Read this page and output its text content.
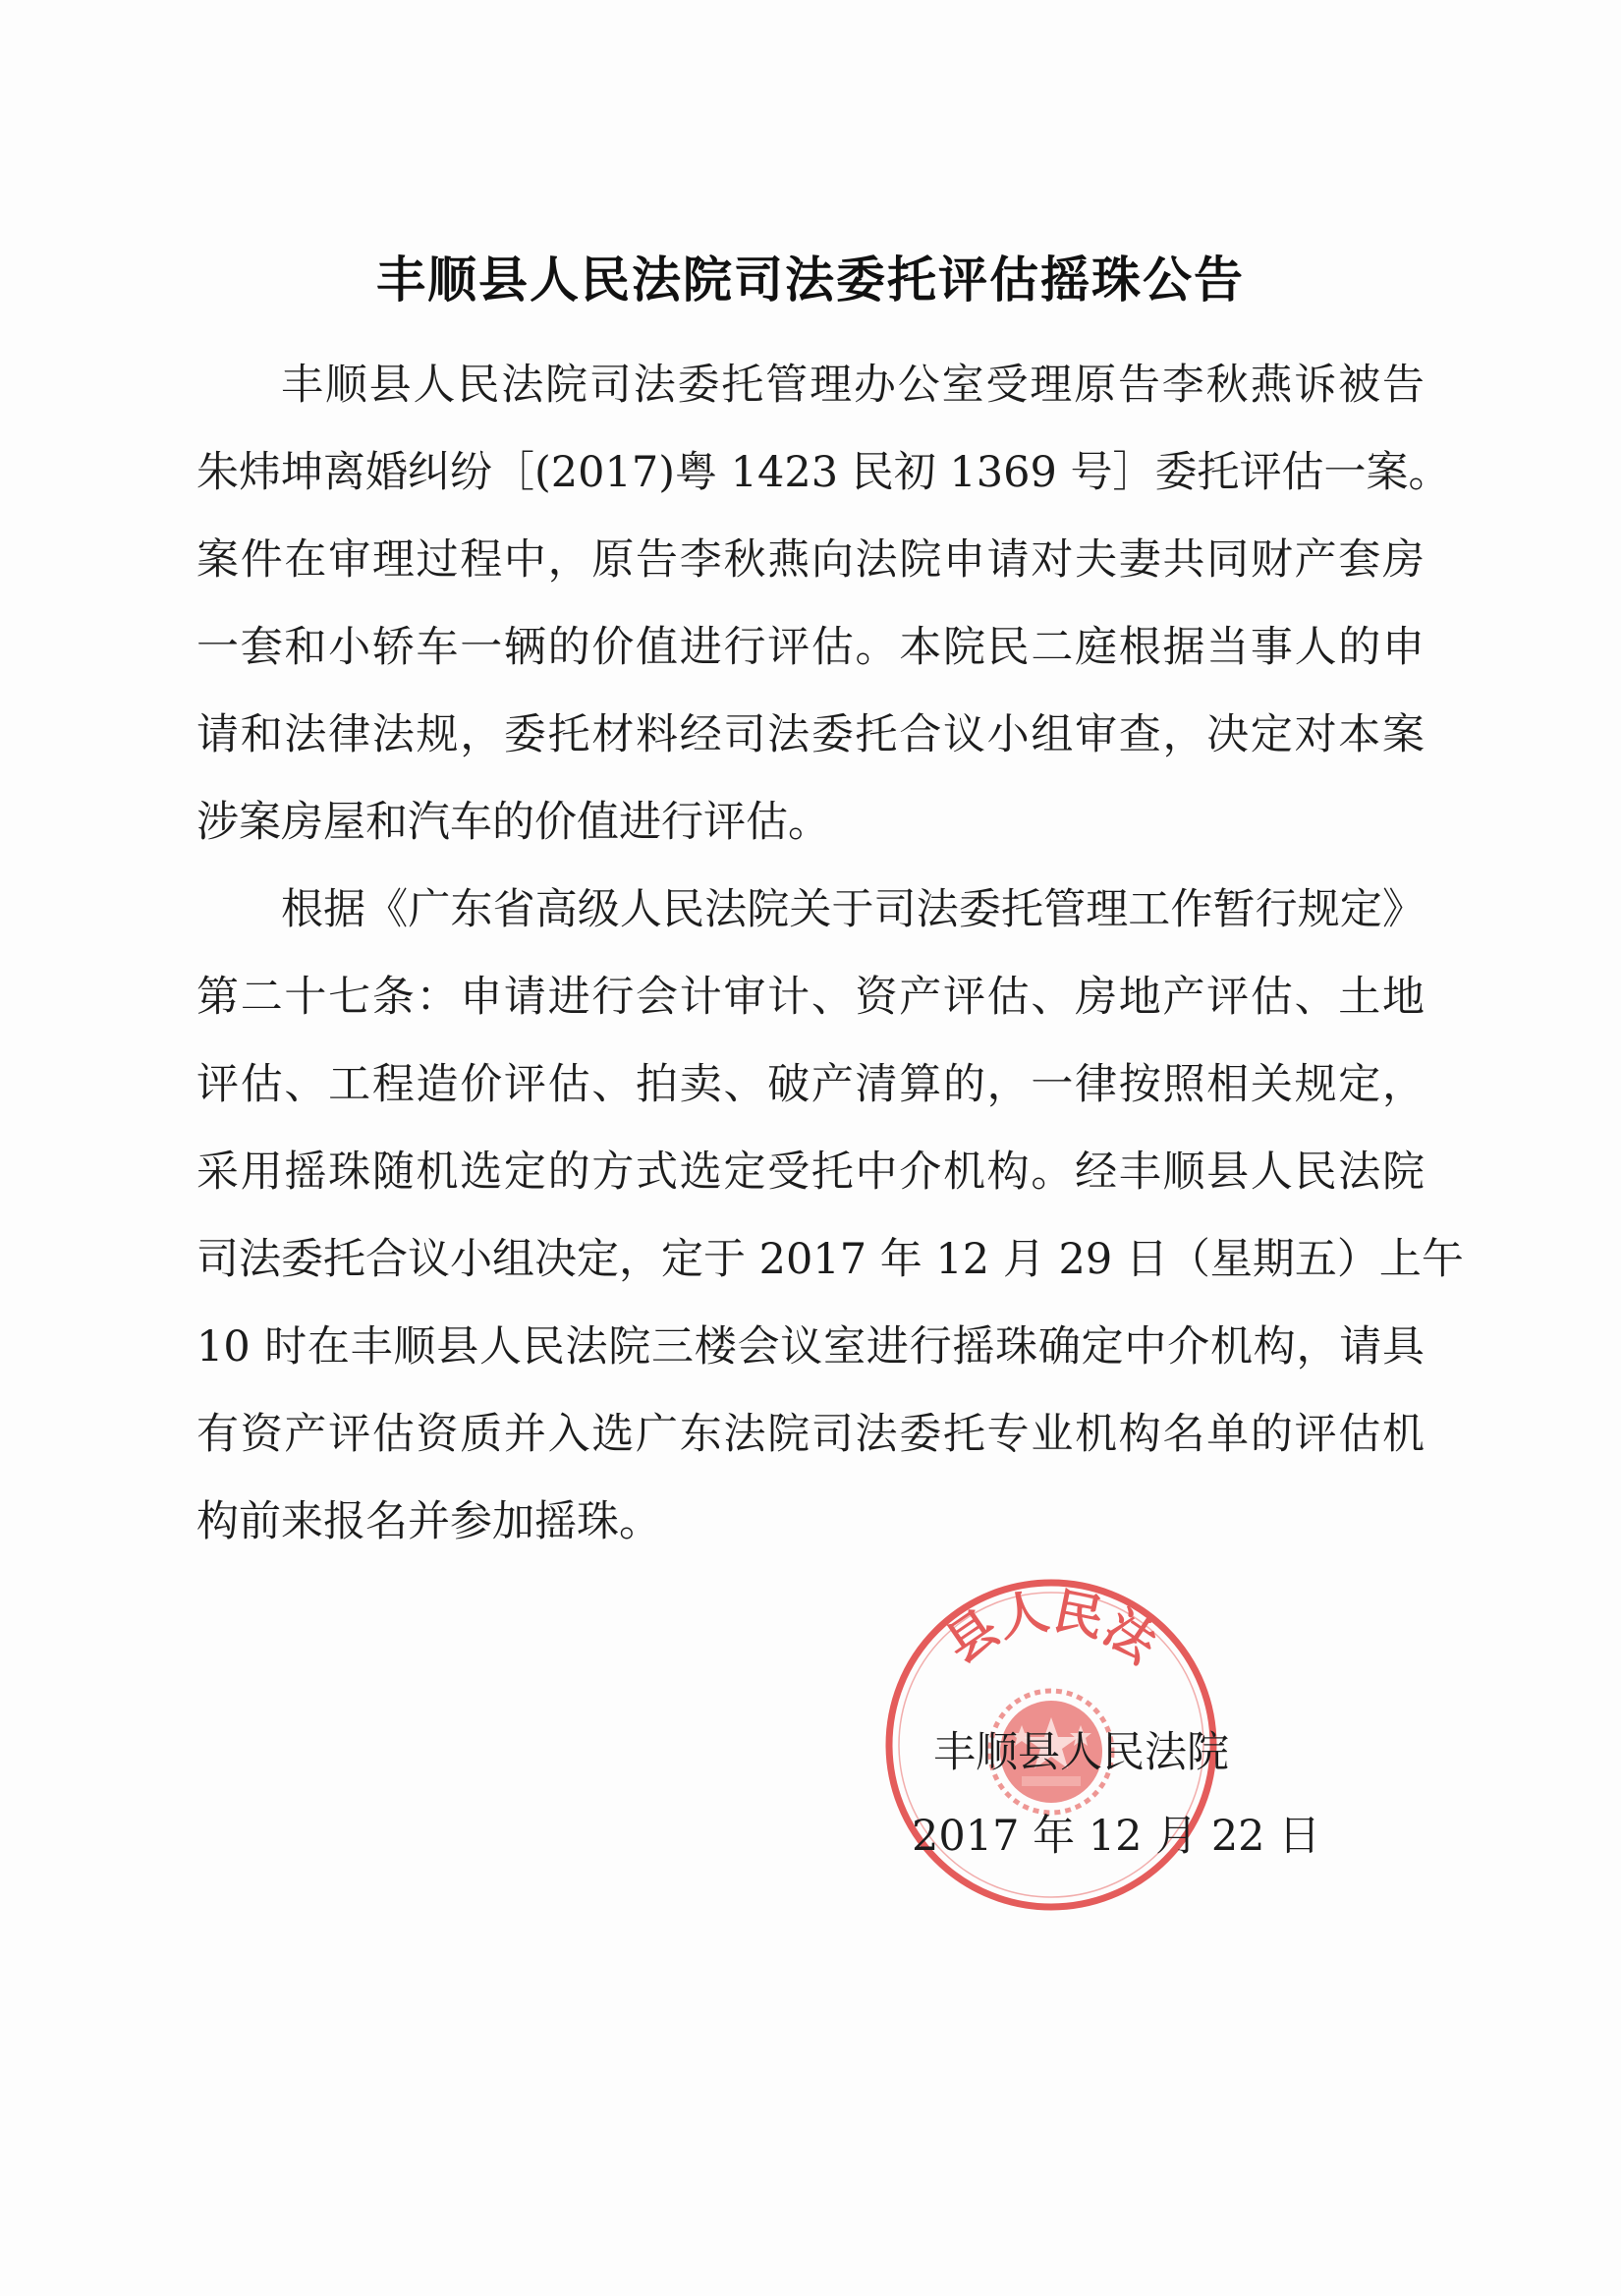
丰顺县人民法院司法委托评估摇珠公告
丰顺县人民法院司法委托管理办公室受理原告李秋燕诉被告
朱炜坤离婚纠纷［(2017)粤 1423 民初 1369 号］委托评估一案。
案件在审理过程中，原告李秋燕向法院申请对夫妻共同财产套房
一套和小轿车一辆的价值进行评估。本院民二庭根据当事人的申
请和法律法规，委托材料经司法委托合议小组审查，决定对本案
涉案房屋和汽车的价值进行评估。
根据《广东省高级人民法院关于司法委托管理工作暂行规定》
第二十七条：申请进行会计审计、资产评估、房地产评估、土地
评估、工程造价评估、拍卖、破产清算的，一律按照相关规定，
采用摇珠随机选定的方式选定受托中介机构。经丰顺县人民法院
司法委托合议小组决定，定于 2017 年 12 月 29 日（星期五）上午
10 时在丰顺县人民法院三楼会议室进行摇珠确定中介机构，请具
有资产评估资质并入选广东法院司法委托专业机构名单的评估机
构前来报名并参加摇珠。
县人民法
丰顺县人民法院
2017 年 12 月 22 日
